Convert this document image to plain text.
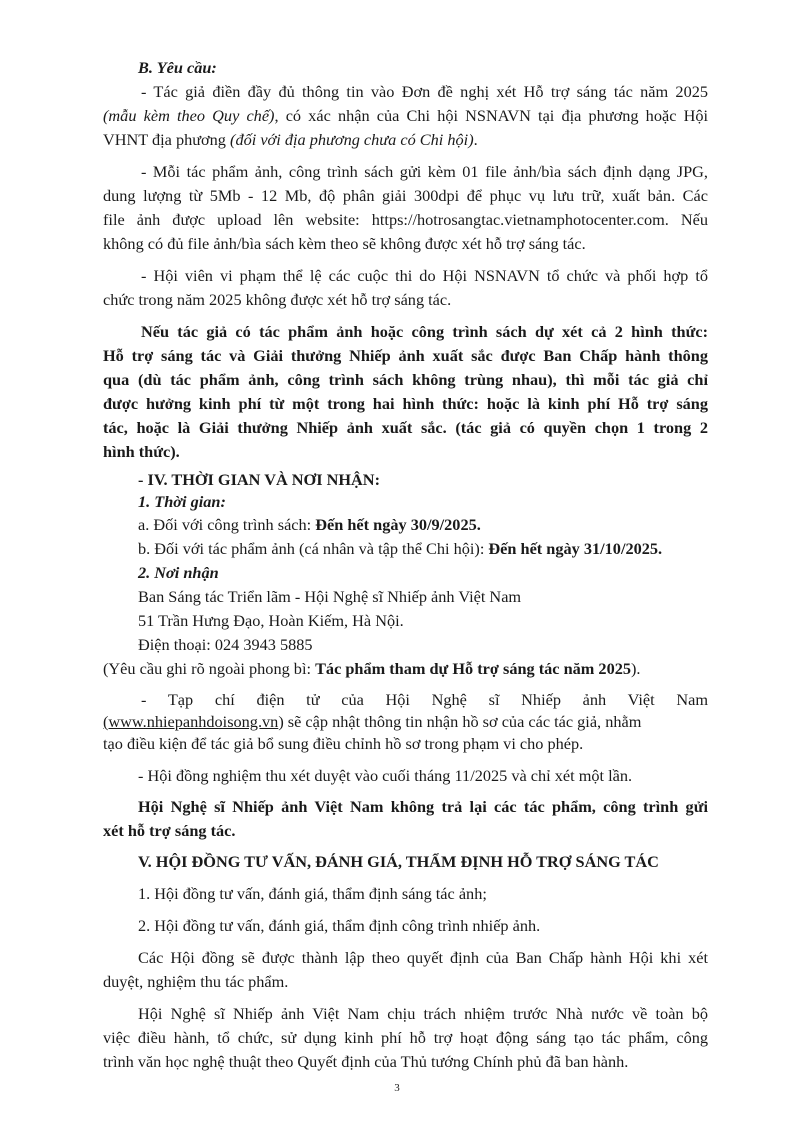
B. Yêu cầu:
- Tác giả điền đầy đủ thông tin vào Đơn đề nghị xét Hỗ trợ sáng tác năm 2025
(mẫu kèm theo Quy chế), có xác nhận của Chi hội NSNAVN tại địa phương hoặc Hội
VHNT địa phương (đối với địa phương chưa có Chi hội).
- Mỗi tác phẩm ảnh, công trình sách gửi kèm 01 file ảnh/bìa sách định dạng JPG,
dung lượng từ 5Mb - 12 Mb, độ phân giải 300dpi để phục vụ lưu trữ, xuất bản. Các
file ảnh được upload lên website: https://hotrosangtac.vietnamphotocenter.com. Nếu
không có đủ file ảnh/bìa sách kèm theo sẽ không được xét hỗ trợ sáng tác.
- Hội viên vi phạm thể lệ các cuộc thi do Hội NSNAVN tổ chức và phối hợp tổ
chức trong năm 2025 không được xét hỗ trợ sáng tác.
Nếu tác giả có tác phẩm ảnh hoặc công trình sách dự xét cả 2 hình thức:
Hỗ trợ sáng tác và Giải thưởng Nhiếp ảnh xuất sắc được Ban Chấp hành thông
qua (dù tác phẩm ảnh, công trình sách không trùng nhau), thì mỗi tác giả chỉ
được hưởng kinh phí từ một trong hai hình thức: hoặc là kinh phí Hỗ trợ sáng
tác, hoặc là Giải thưởng Nhiếp ảnh xuất sắc. (tác giả có quyền chọn 1 trong 2
hình thức).
- IV. THỜI GIAN VÀ NƠI NHẬN:
1. Thời gian:
a. Đối với công trình sách: Đến hết ngày 30/9/2025.
b. Đối với tác phẩm ảnh (cá nhân và tập thể Chi hội): Đến hết ngày 31/10/2025.
2. Nơi nhận
Ban Sáng tác Triển lãm - Hội Nghệ sĩ Nhiếp ảnh Việt Nam
51 Trần Hưng Đạo, Hoàn Kiếm, Hà Nội.
Điện thoại: 024 3943 5885
(Yêu cầu ghi rõ ngoài phong bì: Tác phẩm tham dự Hỗ trợ sáng tác năm 2025).
- Tạp chí điện tử của Hội Nghệ sĩ Nhiếp ảnh Việt Nam
(www.nhiepanhdoisong.vn) sẽ cập nhật thông tin nhận hồ sơ của các tác giả, nhằm
tạo điều kiện để tác giả bổ sung điều chỉnh hồ sơ trong phạm vi cho phép.
- Hội đồng nghiệm thu xét duyệt vào cuối tháng 11/2025 và chỉ xét một lần.
Hội Nghệ sĩ Nhiếp ảnh Việt Nam không trả lại các tác phẩm, công trình gửi
xét hỗ trợ sáng tác.
V. HỘI ĐỒNG TƯ VẤN, ĐÁNH GIÁ, THẨM ĐỊNH HỖ TRỢ SÁNG TÁC
1. Hội đồng tư vấn, đánh giá, thẩm định sáng tác ảnh;
2. Hội đồng tư vấn, đánh giá, thẩm định công trình nhiếp ảnh.
Các Hội đồng sẽ được thành lập theo quyết định của Ban Chấp hành Hội khi xét
duyệt, nghiệm thu tác phẩm.
Hội Nghệ sĩ Nhiếp ảnh Việt Nam chịu trách nhiệm trước Nhà nước về toàn bộ
việc điều hành, tổ chức, sử dụng kinh phí hỗ trợ hoạt động sáng tạo tác phẩm, công
trình văn học nghệ thuật theo Quyết định của Thủ tướng Chính phủ đã ban hành.
3
